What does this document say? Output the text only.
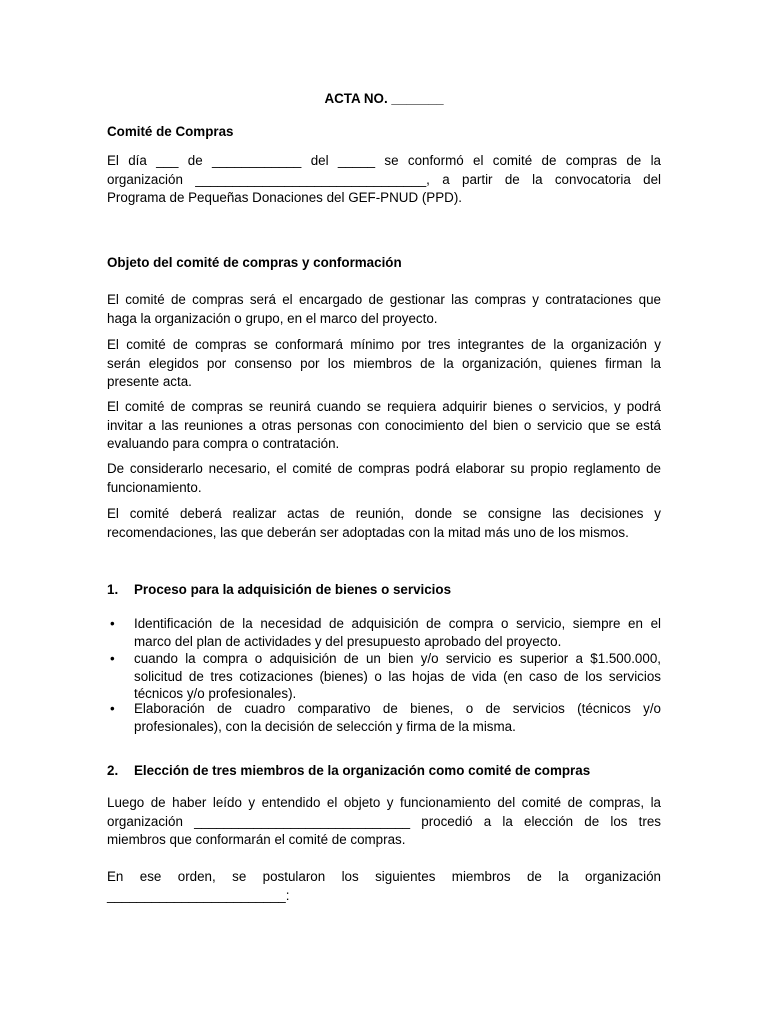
ACTA NO. _______
Comité de Compras
El día ___ de ____________ del _____ se conformó el comité de compras de la
organización _______________________________, a partir de la convocatoria del
Programa de Pequeñas Donaciones del GEF-PNUD (PPD).
Objeto del comité de compras y conformación
El comité de compras será el encargado de gestionar las compras y contrataciones que
haga la organización o grupo, en el marco del proyecto.
El comité de compras se conformará mínimo por tres integrantes de la organización y
serán elegidos por consenso por los miembros de la organización, quienes firman la
presente acta.
El comité de compras se reunirá cuando se requiera adquirir bienes o servicios, y podrá
invitar a las reuniones a otras personas con conocimiento del bien o servicio que se está
evaluando para compra o contratación.
De considerarlo necesario, el comité de compras podrá elaborar su propio reglamento de
funcionamiento.
El comité deberá realizar actas de reunión, donde se consigne las decisiones y
recomendaciones, las que deberán ser adoptadas con la mitad más uno de los mismos.
1. Proceso para la adquisición de bienes o servicios
• Identificación de la necesidad de adquisición de compra o servicio, siempre en el
marco del plan de actividades y del presupuesto aprobado del proyecto.
• cuando la compra o adquisición de un bien y/o servicio es superior a $1.500.000,
solicitud de tres cotizaciones (bienes) o las hojas de vida (en caso de los servicios
técnicos y/o profesionales).
• Elaboración de cuadro comparativo de bienes, o de servicios (técnicos y/o
profesionales), con la decisión de selección y firma de la misma.
2. Elección de tres miembros de la organización como comité de compras
Luego de haber leído y entendido el objeto y funcionamiento del comité de compras, la
organización _____________________________ procedió a la elección de los tres
miembros que conformarán el comité de compras.
En ese orden, se postularon los siguientes miembros de la organización
________________________:
